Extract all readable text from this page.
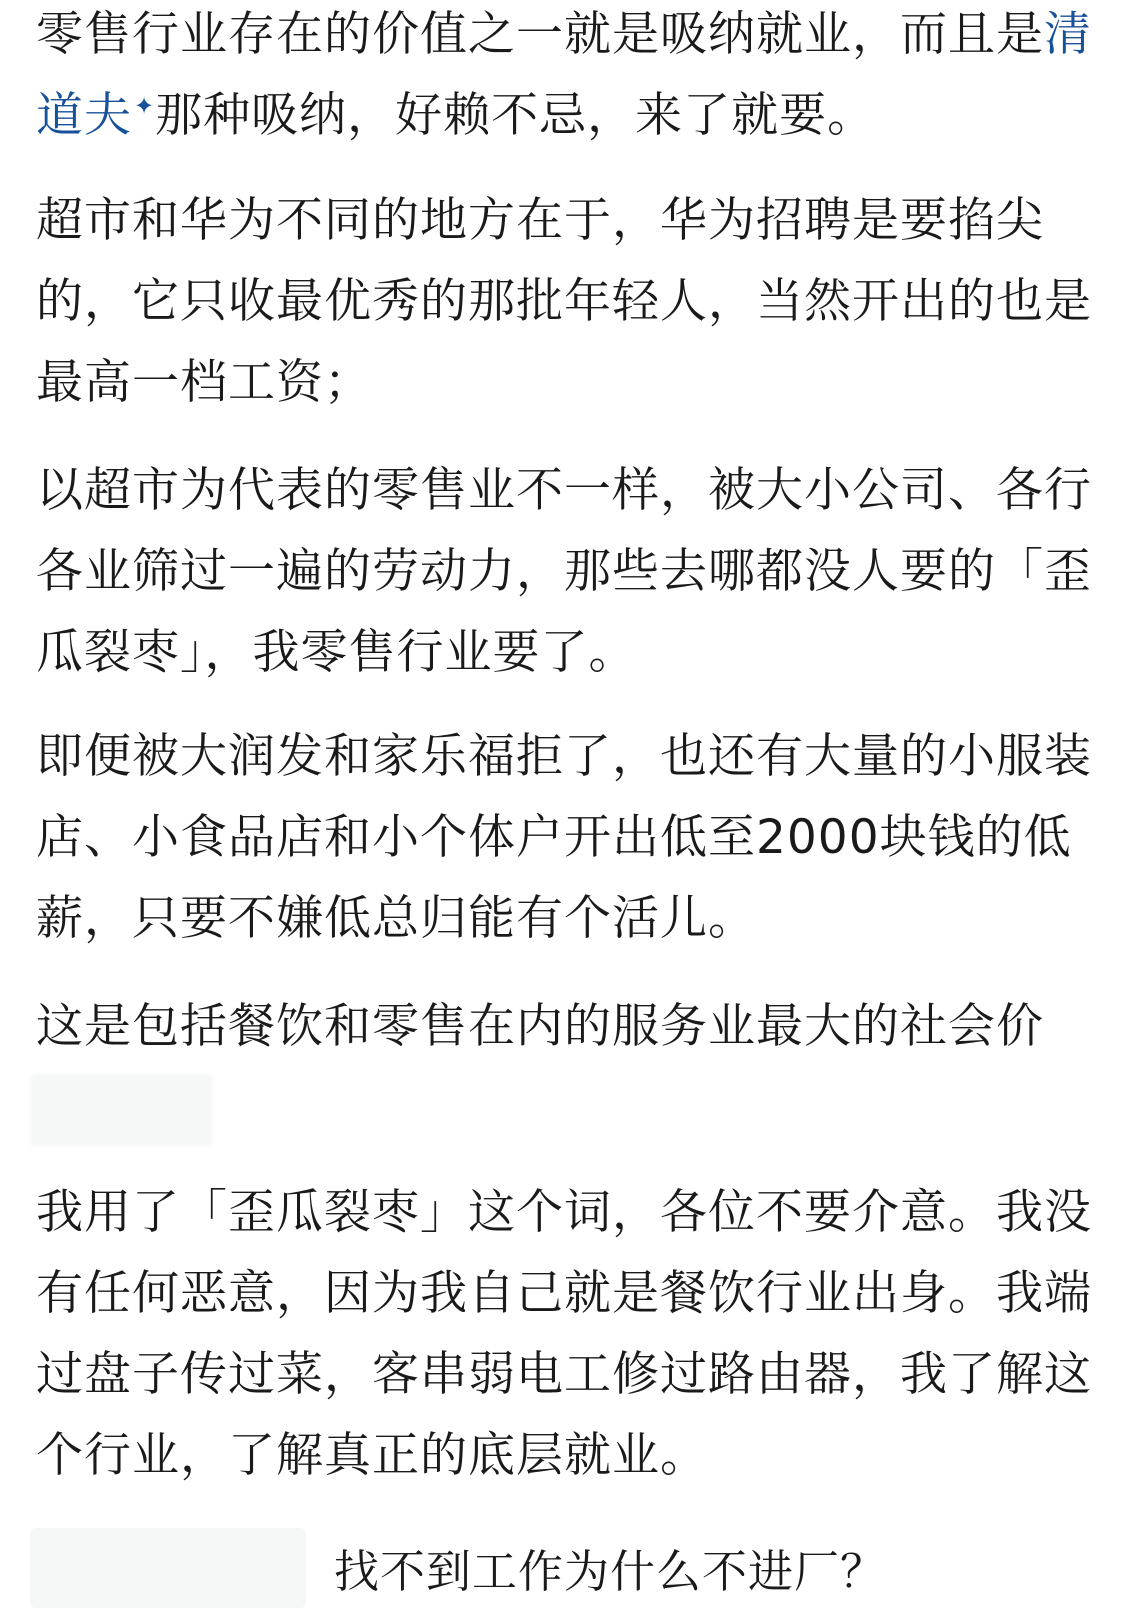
零售行业存在的价值之一就是吸纳就业，而且是清道夫✦那种吸纳，好赖不忌，来了就要。

超市和华为不同的地方在于，华为招聘是要掐尖的，它只收最优秀的那批年轻人，当然开出的也是最高一档工资；

以超市为代表的零售业不一样，被大小公司、各行各业筛过一遍的劳动力，那些去哪都没人要的「歪瓜裂枣」，我零售行业要了。

即便被大润发和家乐福拒了，也还有大量的小服装店、小食品店和小个体户开出低至2000块钱的低薪，只要不嫌低总归能有个活儿。

这是包括餐饮和零售在内的服务业最大的社会价

我用了「歪瓜裂枣」这个词，各位不要介意。我没有任何恶意，因为我自己就是餐饮行业出身。我端过盘子传过菜，客串弱电工修过路由器，我了解这个行业，了解真正的底层就业。

找不到工作为什么不进厂？
